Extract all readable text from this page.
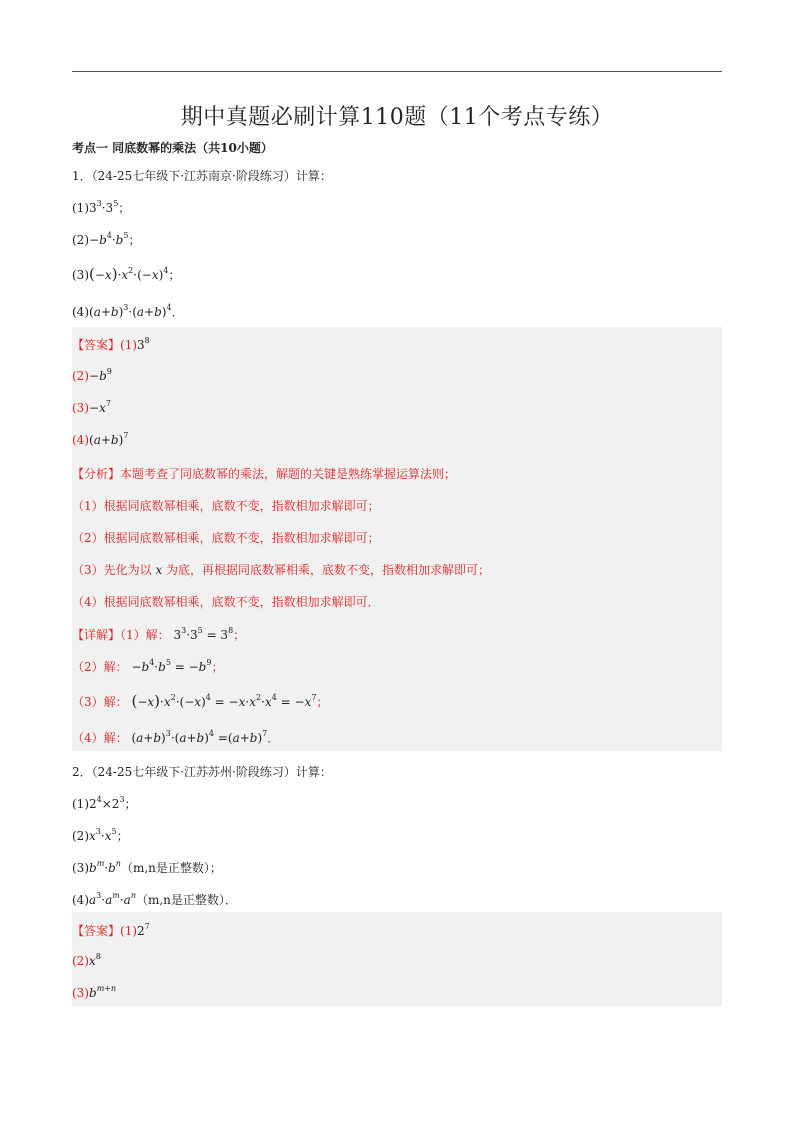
期中真题必刷计算110题（11个考点专练）
考点一 同底数幂的乘法（共10小题）
1．（24-25七年级下·江苏南京·阶段练习）计算：
$(1)3^3\cdot 3^5$；
$(2)-b^4\cdot b^5$；
$(3)(-x)\cdot x^2\cdot(-x)^4$；
$(4)(a+b)^3\cdot(a+b)^4$．
【答案】$(1)3^8$
$(2)-b^9$
$(3)-x^7$
$(4)(a+b)^7$
【分析】本题考查了同底数幂的乘法，解题的关键是熟练掌握运算法则；
（1）根据同底数幂相乘，底数不变，指数相加求解即可；
（2）根据同底数幂相乘，底数不变，指数相加求解即可；
（3）先化为以 x 为底，再根据同底数幂相乘，底数不变，指数相加求解即可；
（4）根据同底数幂相乘，底数不变，指数相加求解即可．
【详解】（1）解： $3^3\cdot 3^5 = 3^8$；
（2）解： $-b^4\cdot b^5 = -b^9$；
（3）解： $(-x)\cdot x^2\cdot(-x)^4 = -x\cdot x^2\cdot x^4 = -x^7$；
（4）解： $(a+b)^3\cdot(a+b)^4 =(a+b)^7$．
2．（24-25七年级下·江苏苏州·阶段练习）计算：
$(1)2^4\times 2^3$；
$(2)x^3\cdot x^5$；
$(3)b^m\cdot b^n(m,n$是正整数）；
$(4)a^3\cdot a^m\cdot a^n(m,n$是正整数）．
【答案】$(1)2^7$
$(2)x^8$
$(3)b^{m+n}$
